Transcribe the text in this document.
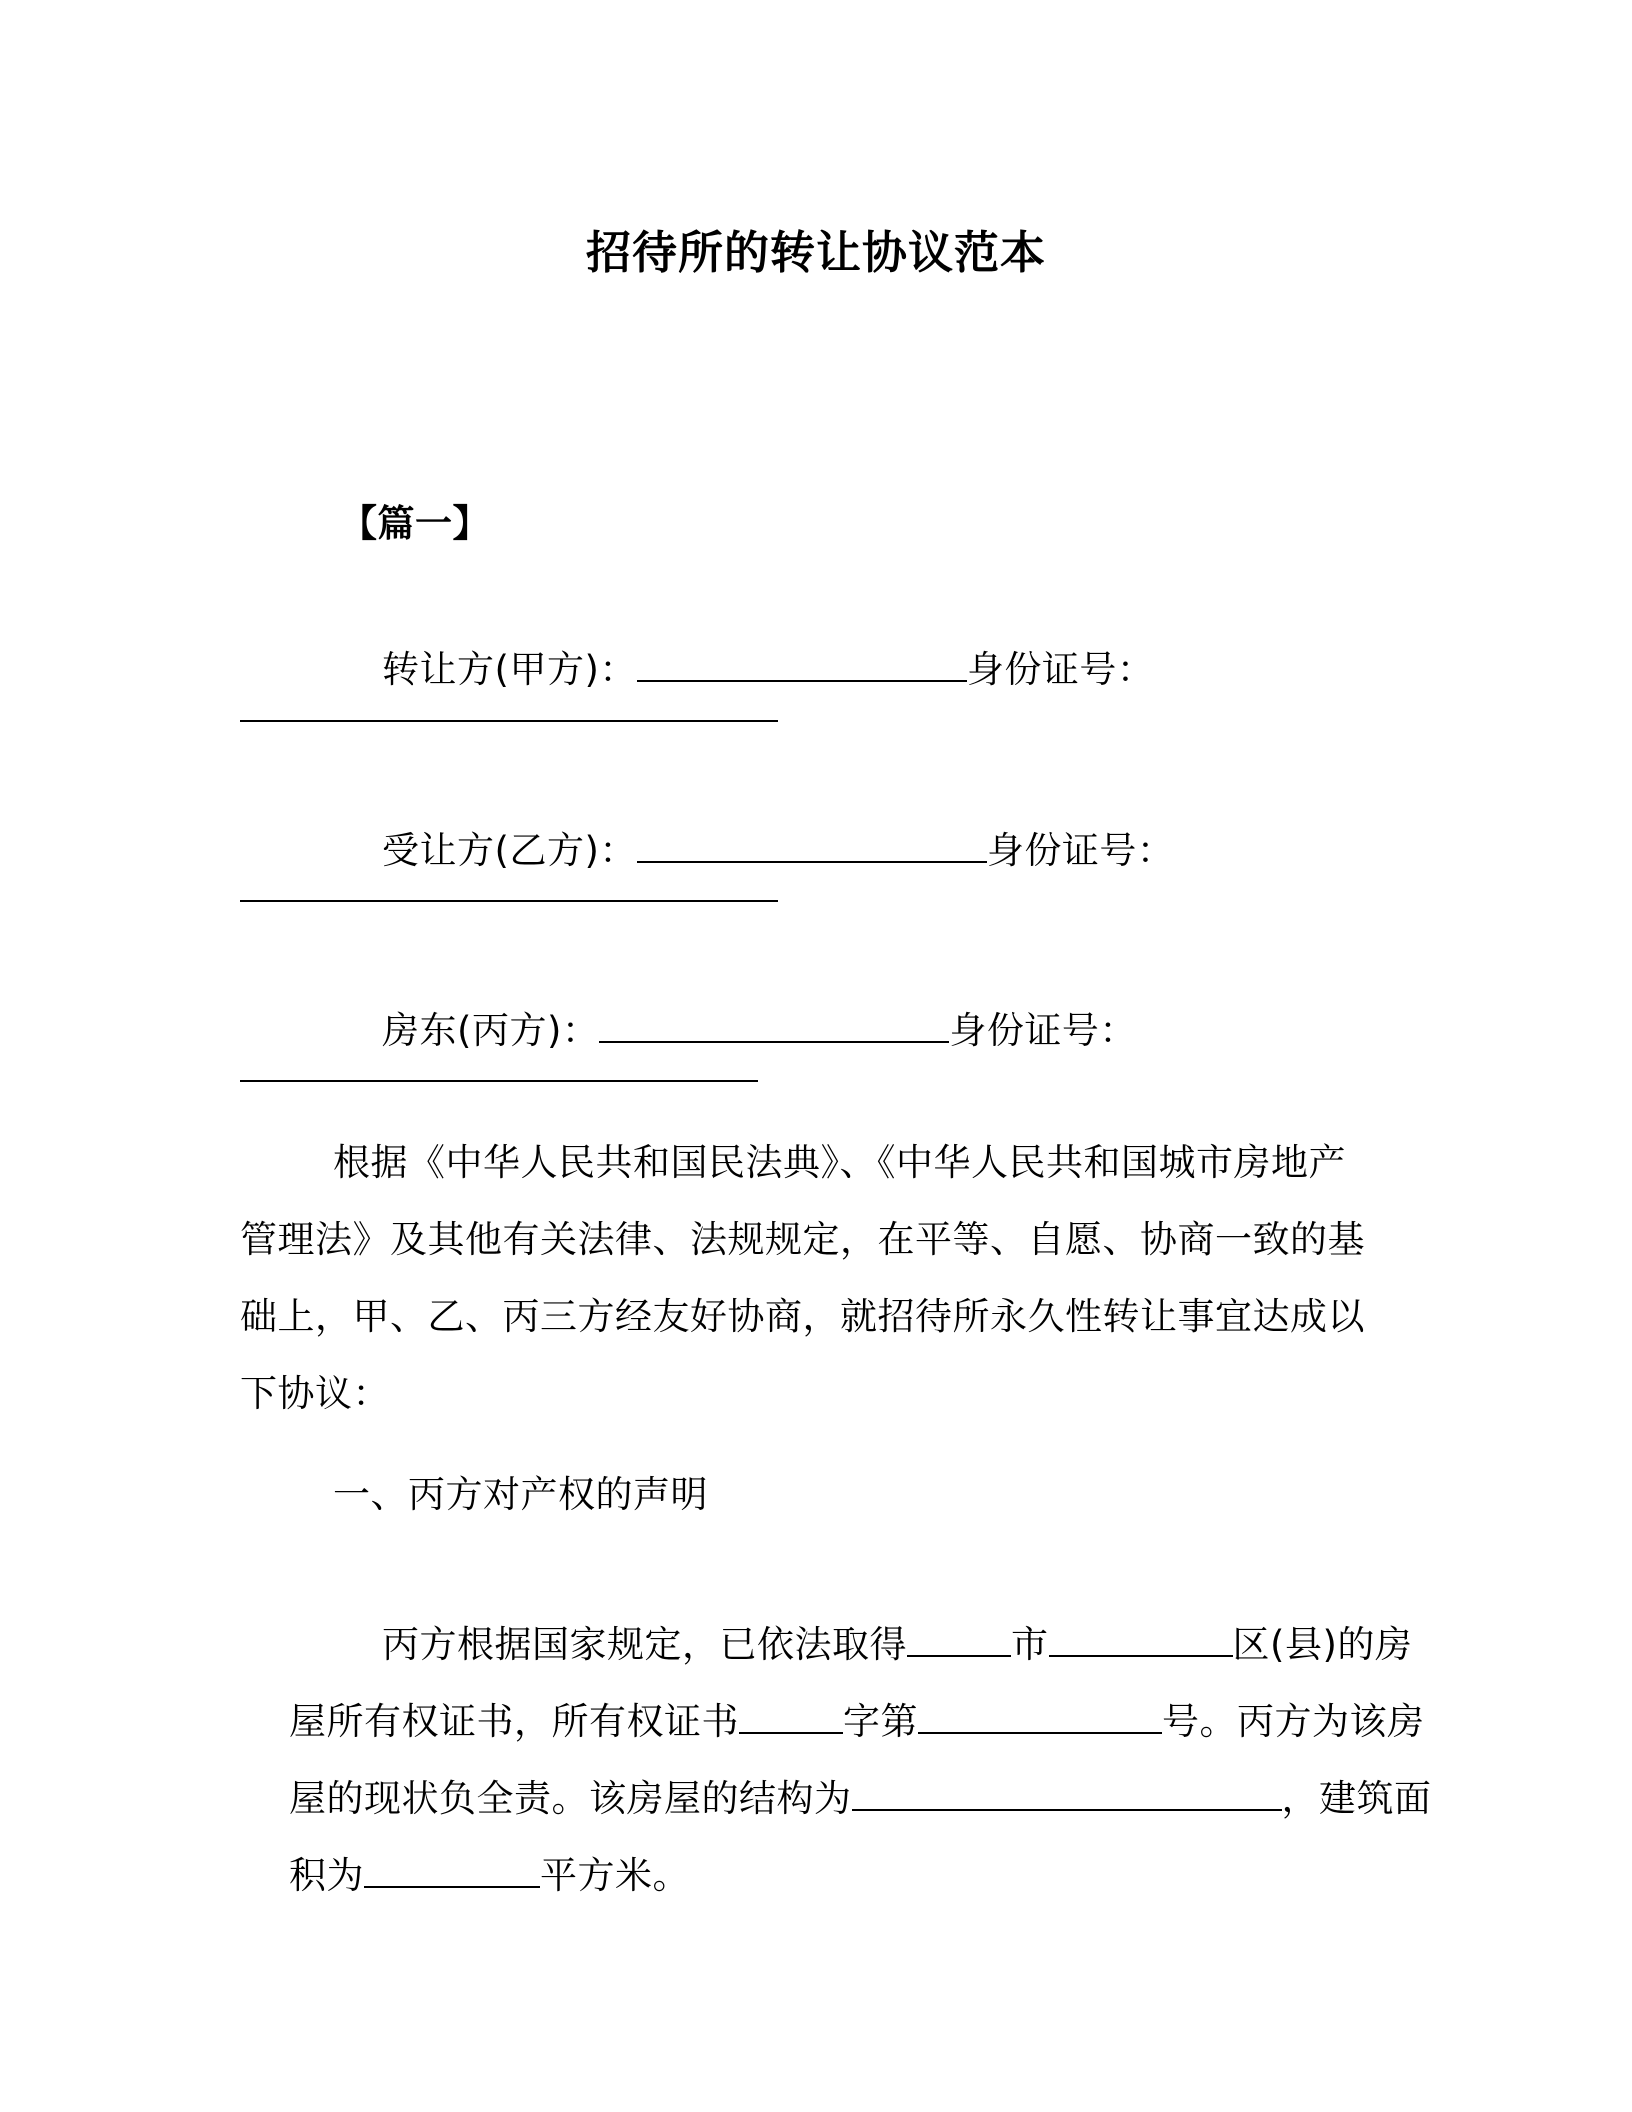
招待所的转让协议范本
【篇一】

转让方(甲方)：	身份证号：

受让方(乙方)：	身份证号：

房东(丙方)：	身份证号：

根据《中华人民共和国民法典》、《中华人民共和国城市房地产
管理法》及其他有关法律、法规规定，在平等、自愿、协商一致的基
础上，甲、乙、丙三方经友好协商，就招待所永久性转让事宜达成以
下协议：
一、丙方对产权的声明

丙方根据国家规定，已依法取得	市	区(县)的房

屋所有权证书，所有权证书	字第	号。丙方为该房

屋的现状负全责。该房屋的结构为	，建筑面

积为	平方米。
